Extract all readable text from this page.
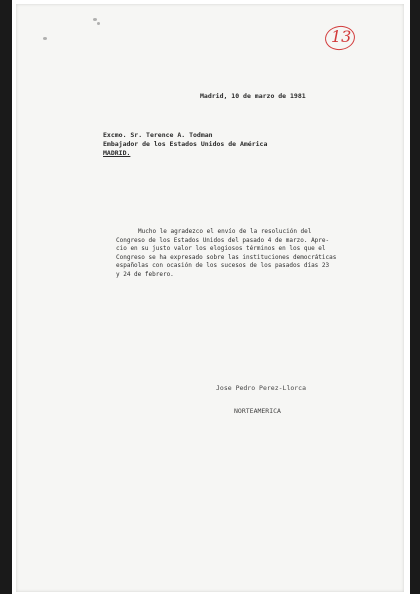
13
Madrid, 10 de marzo de 1981
Excmo. Sr. Terence A. Todman
Embajador de los Estados Unidos de América
MADRID.

Mucho le agradezco el envío de la resolución del

Congreso de los Estados Unidos del pasado 4 de marzo. Apre-

cio en su justo valor los elogiosos términos en los que el

Congreso se ha expresado sobre las instituciones democráticas

españolas con ocasión de los sucesos de los pasados días 23

y 24 de febrero.

Jose Pedro Perez-Llorca
NORTEAMERICA
